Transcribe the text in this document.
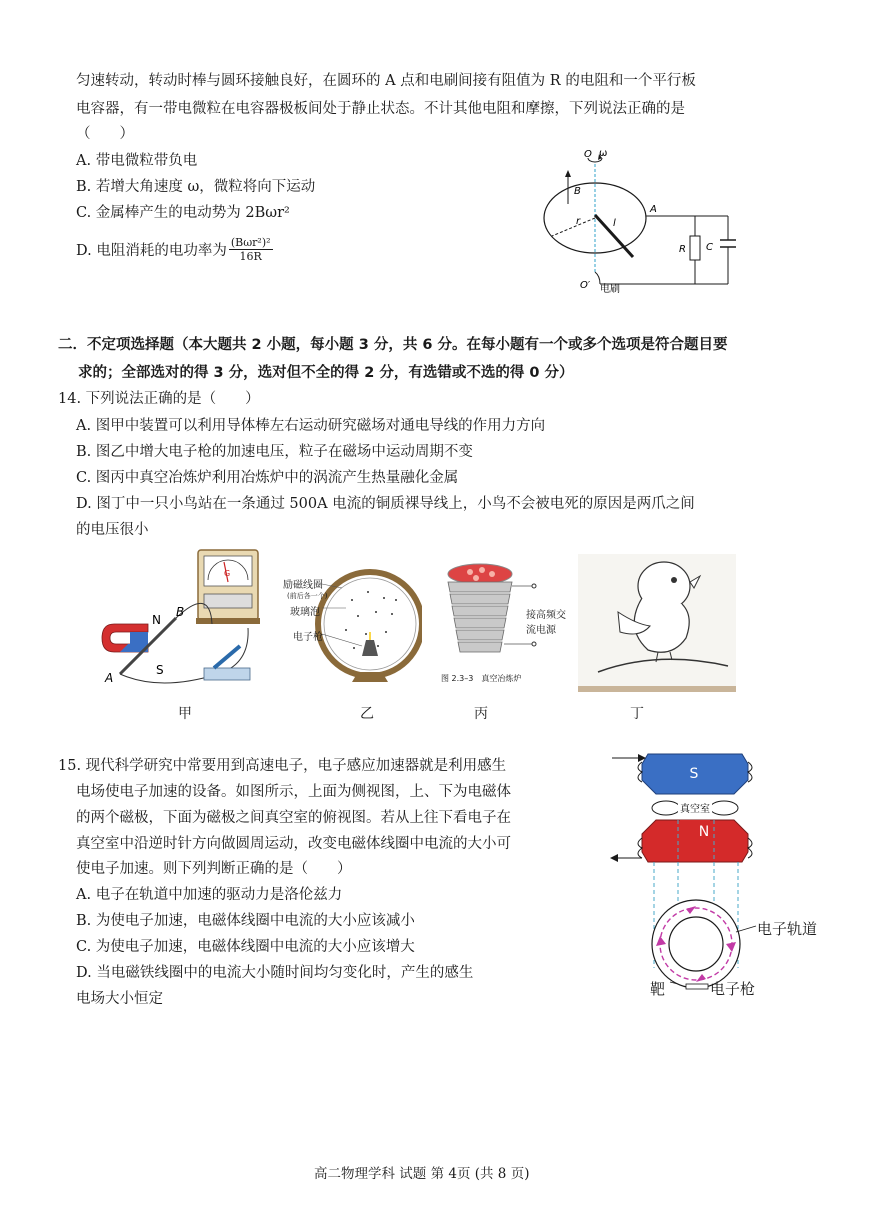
匀速转动，转动时棒与圆环接触良好，在圆环的 A 点和电刷间接有阻值为 R 的电阻和一个平行板
电容器，有一带电微粒在电容器极板间处于静止状态。不计其他电阻和摩擦，下列说法正确的是
（　　）
A. 带电微粒带负电
B. 若增大角速度 ω，微粒将向下运动
C. 金属棒产生的电动势为 2Bωr²
D. 电阻消耗的电功率为
(Bωr²)²
16R
O ω
B
r	l
A
R C
O′ 电刷
二．不定项选择题（本大题共 2 小题，每小题 3 分，共 6 分。在每小题有一个或多个选项是符合题目要
求的；全部选对的得 3 分，选对但不全的得 2 分，有选错或不选的得 0 分）
14. 下列说法正确的是（　　）
A. 图甲中装置可以利用导体棒左右运动研究磁场对通电导线的作用力方向
B. 图乙中增大电子枪的加速电压，粒子在磁场中运动周期不变
C. 图丙中真空冶炼炉利用冶炼炉中的涡流产生热量融化金属
D. 图丁中一只小鸟站在一条通过 500A 电流的铜质裸导线上，小鸟不会被电死的原因是两爪之间
的电压很小
G
N
S
B
A
励磁线圈
(前后各一个)
玻璃泡
电子枪
接高频交
流电源
图 2.3–3　真空冶炼炉
甲	乙	丙	丁
15. 现代科学研究中常要用到高速电子，电子感应加速器就是利用感生
电场使电子加速的设备。如图所示，上面为侧视图，上、下为电磁体
的两个磁极，下面为磁极之间真空室的俯视图。若从上往下看电子在
真空室中沿逆时针方向做圆周运动，改变电磁体线圈中电流的大小可
使电子加速。则下列判断正确的是（　　）
A. 电子在轨道中加速的驱动力是洛伦兹力
B. 为使电子加速，电磁体线圈中电流的大小应该减小
C. 为使电子加速，电磁体线圈中电流的大小应该增大
D. 当电磁铁线圈中的电流大小随时间均匀变化时，产生的感生
电场大小恒定
S
真空室
N
电子轨道
靶	电子枪
高二物理学科 试题 第 4页 (共 8 页)
